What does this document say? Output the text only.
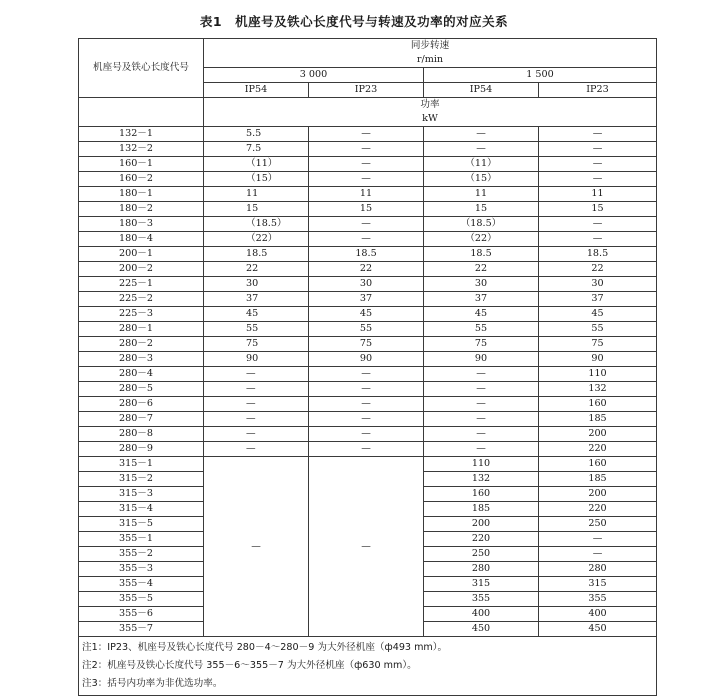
表1　机座号及铁心长度代号与转速及功率的对应关系
机座号及铁心长度代号	同步转速
r/min			

	3 000		1 500	
	IP54	IP23	IP54	IP23

	功率
kW			

132－1	5.5	—	—	—
132－2	7.5	—	—	—
160－1	（11）	—	（11）	—
160－2	（15）	—	（15）	—
180－1	11	11	11	11
180－2	15	15	15	15
180－3	（18.5）	—	（18.5）	—
180－4	（22）	—	（22）	—
200－1	18.5	18.5	18.5	18.5
200－2	22	22	22	22
225－1	30	30	30	30
225－2	37	37	37	37
225－3	45	45	45	45
280－1	55	55	55	55
280－2	75	75	75	75
280－3	90	90	90	90
280－4	—	—	—	110
280－5	—	—	—	132
280－6	—	—	—	160
280－7	—	—	—	185
280－8	—	—	—	200
280－9	—	—	—	220
315－1	—	—	110	160
315－2			132	185
315－3			160	200
315－4			185	220
315－5			200	250
355－1			220	—
355－2			250	—
355－3			280	280
355－4			315	315
355－5			355	355
355－6			400	400
355－7			450	450

注1：IP23、机座号及铁心长度代号 280－4～280－9 为大外径机座（ф493 mm）。
注2：机座号及铁心长度代号 355－6～355－7 为大外径机座（ф630 mm）。
注3：括号内功率为非优选功率。				
